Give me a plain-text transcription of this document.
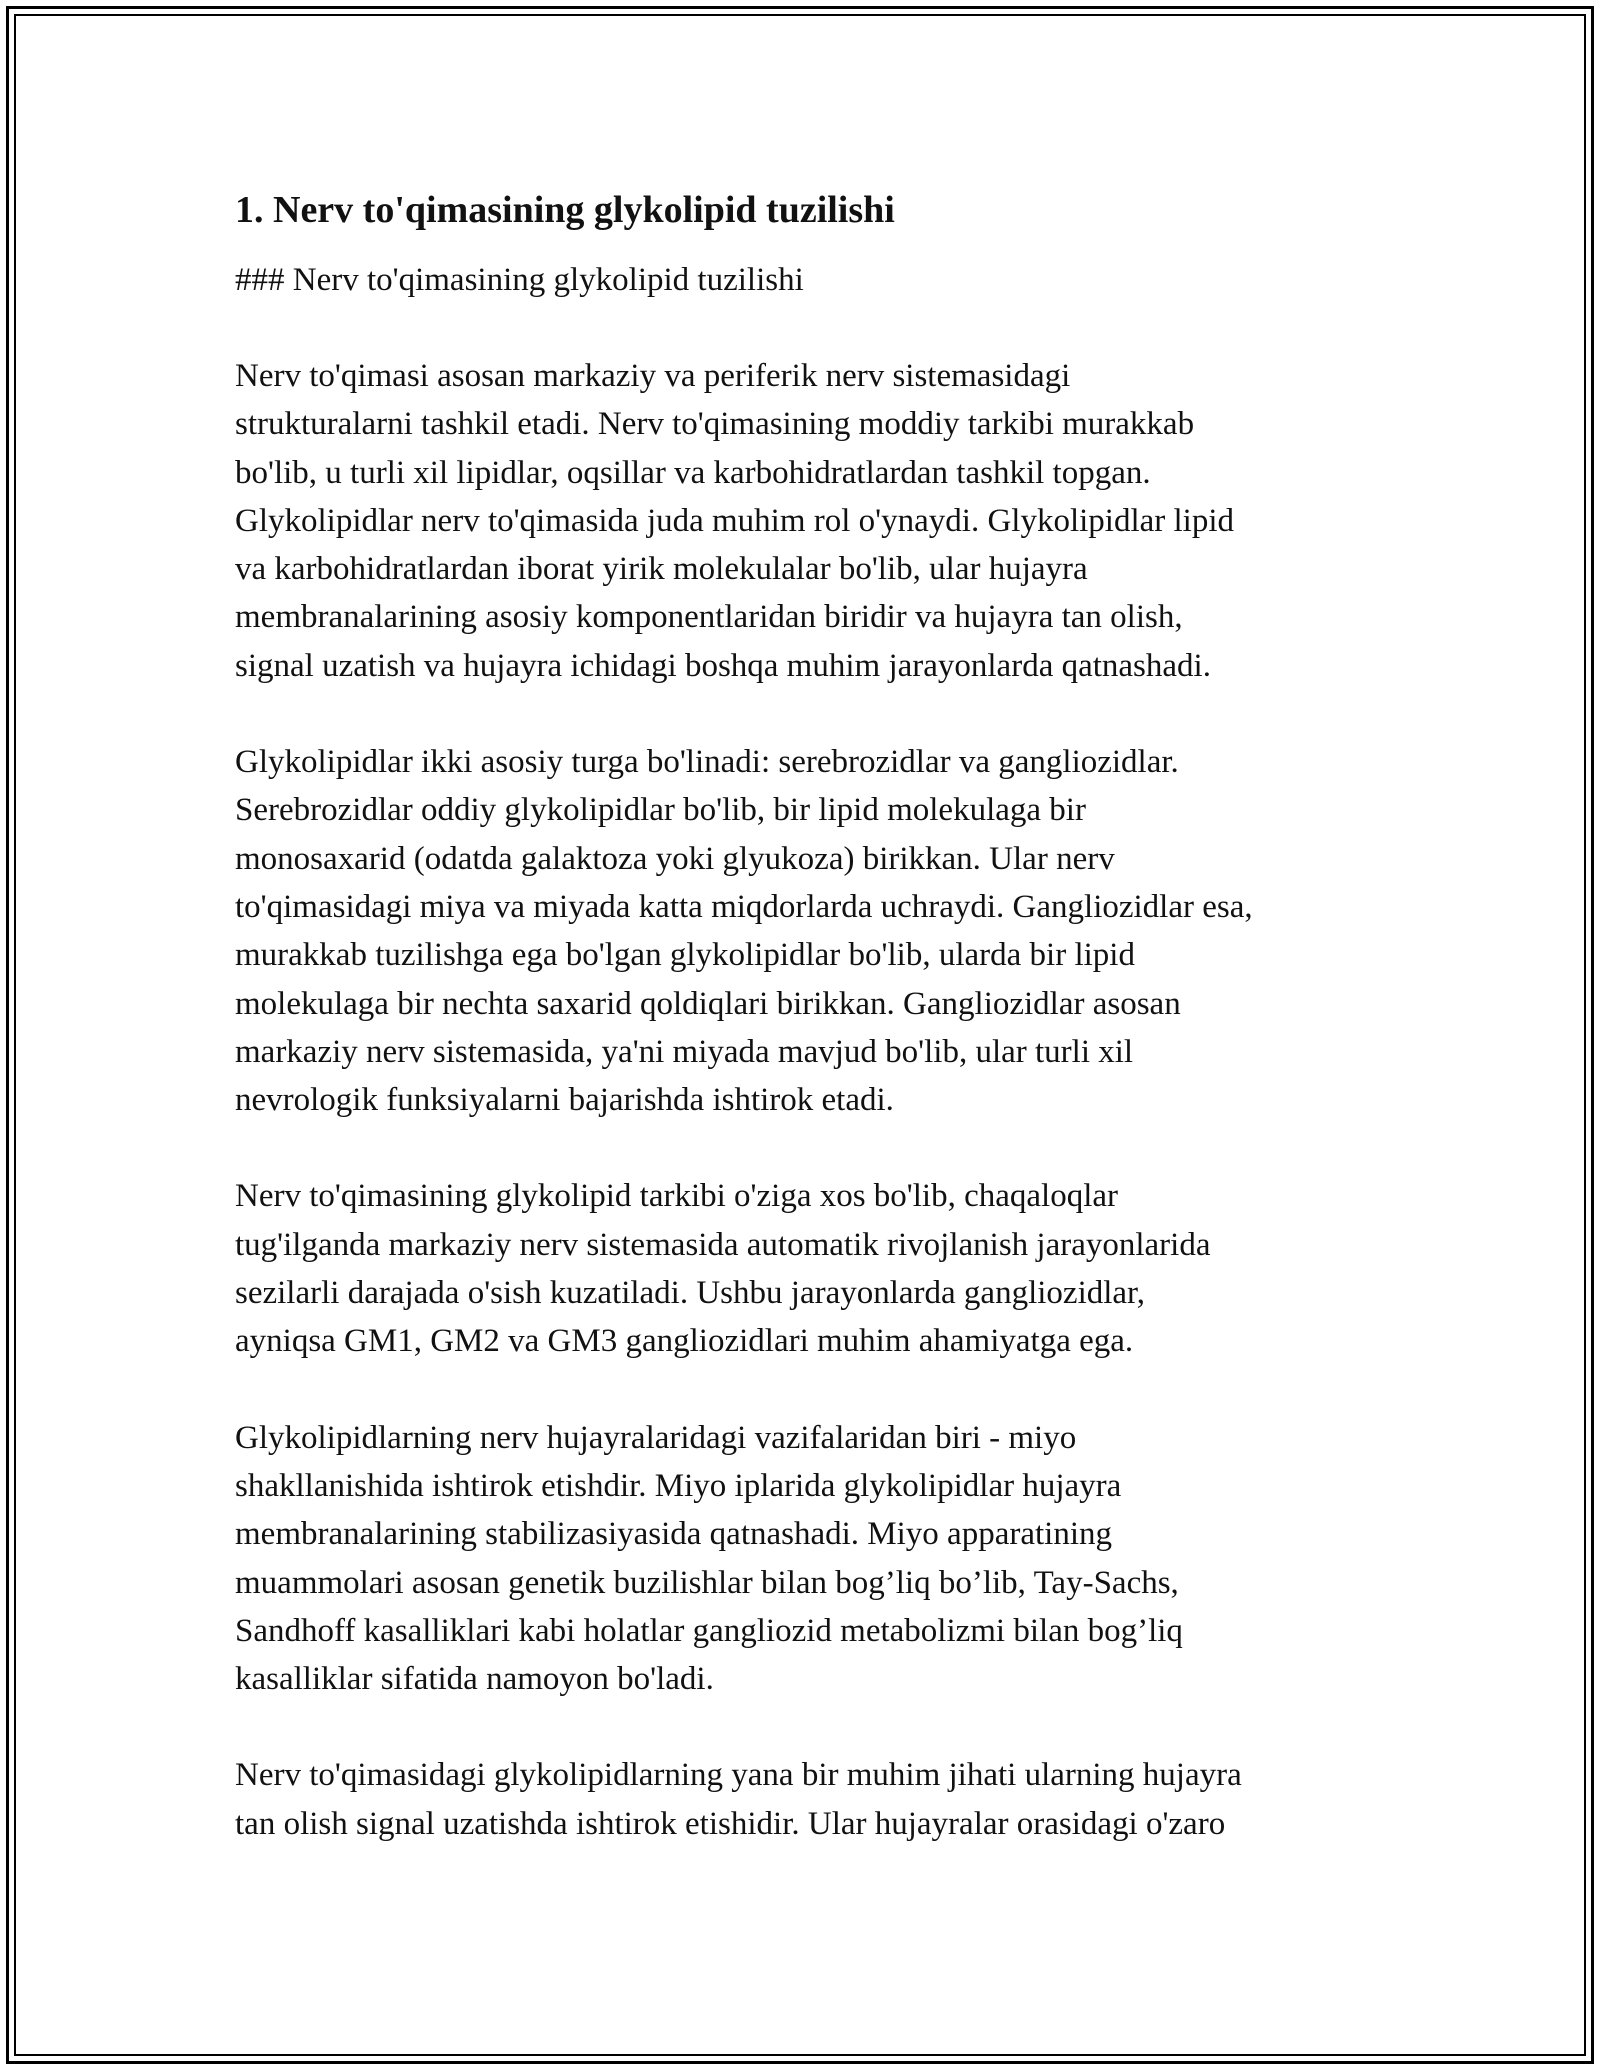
1. Nerv to'qimasining glykolipid tuzilishi
### Nerv to'qimasining glykolipid tuzilishi
Nerv to'qimasi asosan markaziy va periferik nerv sistemasidagi
strukturalarni tashkil etadi. Nerv to'qimasining moddiy tarkibi murakkab
bo'lib, u turli xil lipidlar, oqsillar va karbohidratlardan tashkil topgan.
Glykolipidlar nerv to'qimasida juda muhim rol o'ynaydi. Glykolipidlar lipid
va karbohidratlardan iborat yirik molekulalar bo'lib, ular hujayra
membranalarining asosiy komponentlaridan biridir va hujayra tan olish,
signal uzatish va hujayra ichidagi boshqa muhim jarayonlarda qatnashadi.
Glykolipidlar ikki asosiy turga bo'linadi: serebrozidlar va gangliozidlar.
Serebrozidlar oddiy glykolipidlar bo'lib, bir lipid molekulaga bir
monosaxarid (odatda galaktoza yoki glyukoza) birikkan. Ular nerv
to'qimasidagi miya va miyada katta miqdorlarda uchraydi. Gangliozidlar esa,
murakkab tuzilishga ega bo'lgan glykolipidlar bo'lib, ularda bir lipid
molekulaga bir nechta saxarid qoldiqlari birikkan. Gangliozidlar asosan
markaziy nerv sistemasida, ya'ni miyada mavjud bo'lib, ular turli xil
nevrologik funksiyalarni bajarishda ishtirok etadi.
Nerv to'qimasining glykolipid tarkibi o'ziga xos bo'lib, chaqaloqlar
tug'ilganda markaziy nerv sistemasida automatik rivojlanish jarayonlarida
sezilarli darajada o'sish kuzatiladi. Ushbu jarayonlarda gangliozidlar,
ayniqsa GM1, GM2 va GM3 gangliozidlari muhim ahamiyatga ega.
Glykolipidlarning nerv hujayralaridagi vazifalaridan biri - miyo
shakllanishida ishtirok etishdir. Miyo iplarida glykolipidlar hujayra
membranalarining stabilizasiyasida qatnashadi. Miyo apparatining
muammolari asosan genetik buzilishlar bilan bog’liq bo’lib, Tay-Sachs,
Sandhoff kasalliklari kabi holatlar gangliozid metabolizmi bilan bog’liq
kasalliklar sifatida namoyon bo'ladi.
Nerv to'qimasidagi glykolipidlarning yana bir muhim jihati ularning hujayra
tan olish signal uzatishda ishtirok etishidir. Ular hujayralar orasidagi o'zaro
